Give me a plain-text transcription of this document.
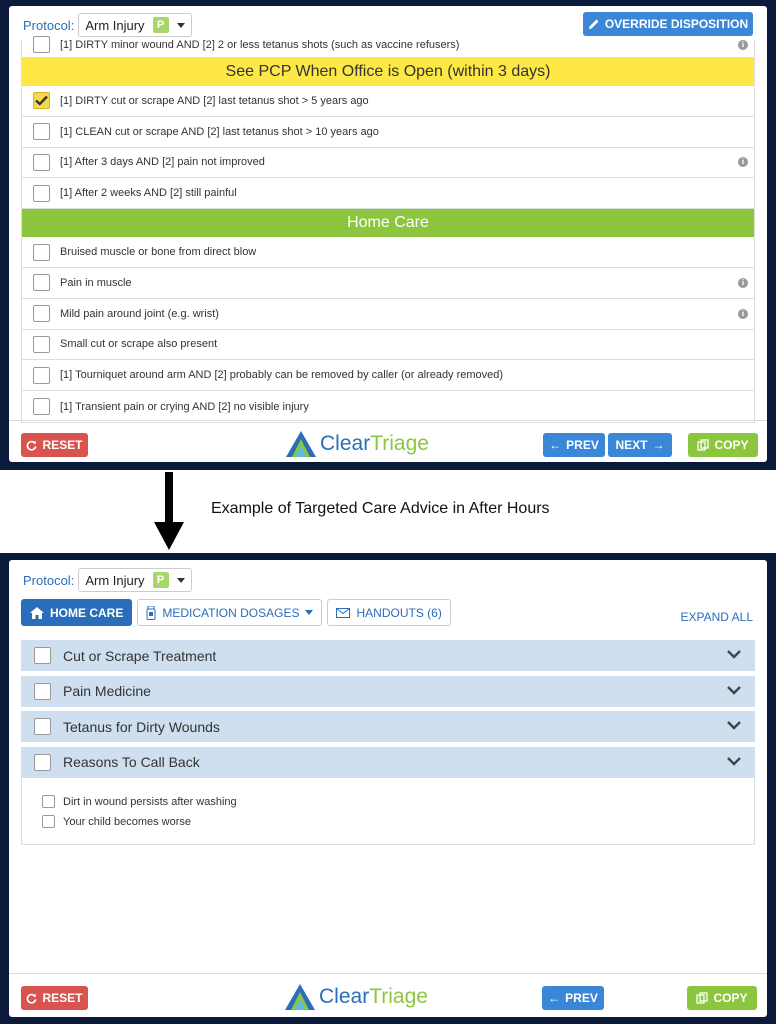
Protocol: Arm Injury	P	OVERRIDE DISPOSITION
[1] DIRTY minor wound AND [2] 2 or less tetanus shots (such as vaccine refusers)	i
See PCP When Office is Open (within 3 days)
[1] DIRTY cut or scrape AND [2] last tetanus shot > 5 years ago
[1] CLEAN cut or scrape AND [2] last tetanus shot > 10 years ago
[1] After 3 days AND [2] pain not improved	i
[1] After 2 weeks AND [2] still painful
Home Care
Bruised muscle or bone from direct blow
Pain in muscle	i
Mild pain around joint (e.g. wrist)	i
Small cut or scrape also present
[1] Tourniquet around arm AND [2] probably can be removed by caller (or already removed)
[1] Transient pain or crying AND [2] no visible injury
RESET	ClearTriage	← PREV NEXT →	COPY
Example of Targeted Care Advice in After Hours
Protocol: Arm Injury	P
HOME CARE	MEDICATION DOSAGES	HANDOUTS (6)	EXPAND ALL
Cut or Scrape Treatment
Pain Medicine
Tetanus for Dirty Wounds
Reasons To Call Back
Dirt in wound persists after washing
Your child becomes worse
RESET	ClearTriage	← PREV	COPY
